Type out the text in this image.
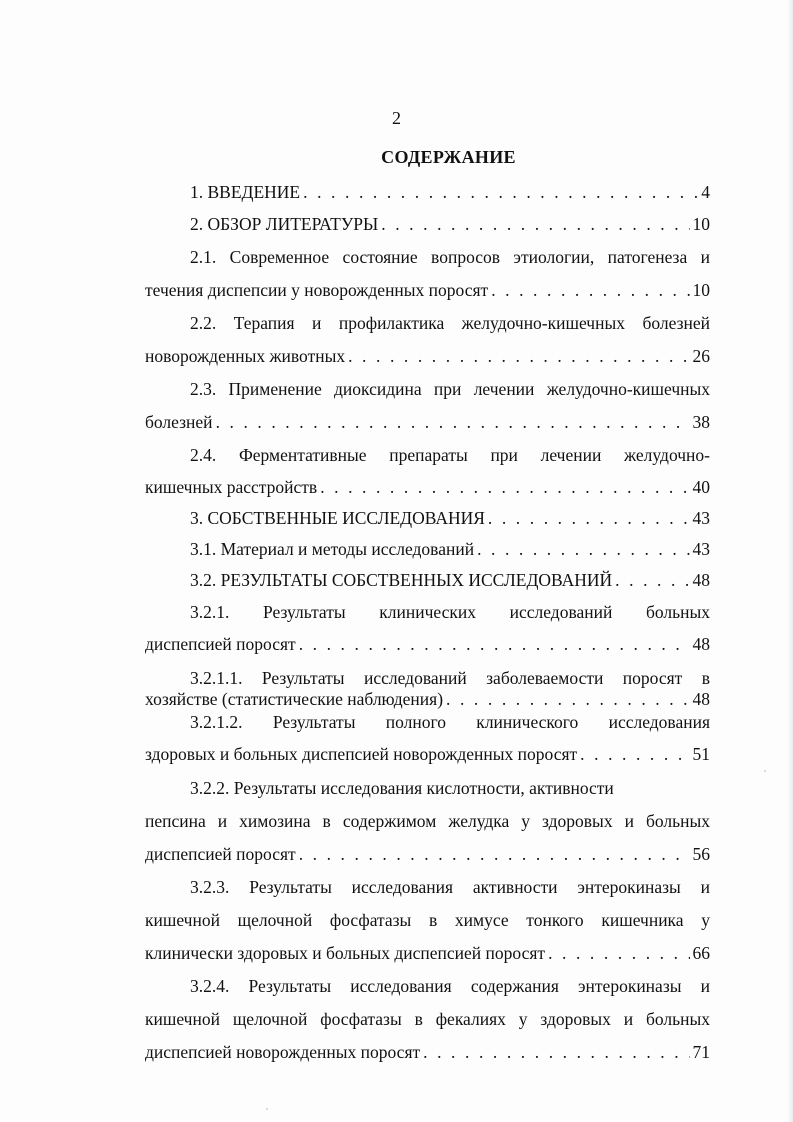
2
СОДЕРЖАНИЕ
1. ВВЕДЕНИЕ . . .	4
2. ОБЗОР ЛИТЕРАТУРЫ . . .	10
2.1. Современное состояние вопросов этиологии, патогенеза и
течения диспепсии у новорожденных поросят . . .	10
2.2. Терапия и профилактика желудочно-кишечных болезней
новорожденных животных . . .	26
2.3. Применение диоксидина при лечении желудочно-кишечных
болезней . . .	38
2.4. Ферментативные препараты при лечении желудочно-
кишечных расстройств . . .	40
3. СОБСТВЕННЫЕ ИССЛЕДОВАНИЯ . . .	43
3.1. Материал и методы исследований . . .	43
3.2. РЕЗУЛЬТАТЫ СОБСТВЕННЫХ ИССЛЕДОВАНИЙ . . .	48
3.2.1. Результаты клинических исследований больных
диспепсией поросят . . .	48
3.2.1.1. Результаты исследований заболеваемости поросят в
хозяйстве (статистические наблюдения) . . .	48
3.2.1.2. Результаты полного клинического исследования
здоровых и больных диспепсией новорожденных поросят . . .	51
3.2.2. Результаты исследования кислотности, активности
пепсина и химозина в содержимом желудка у здоровых и больных
диспепсией поросят . . .	56
3.2.3. Результаты исследования активности энтерокиназы и
кишечной щелочной фосфатазы в химусе тонкого кишечника у
клинически здоровых и больных диспепсией поросят . . .	66
3.2.4. Результаты исследования содержания энтерокиназы и
кишечной щелочной фосфатазы в фекалиях у здоровых и больных
диспепсией новорожденных поросят . . .	71
